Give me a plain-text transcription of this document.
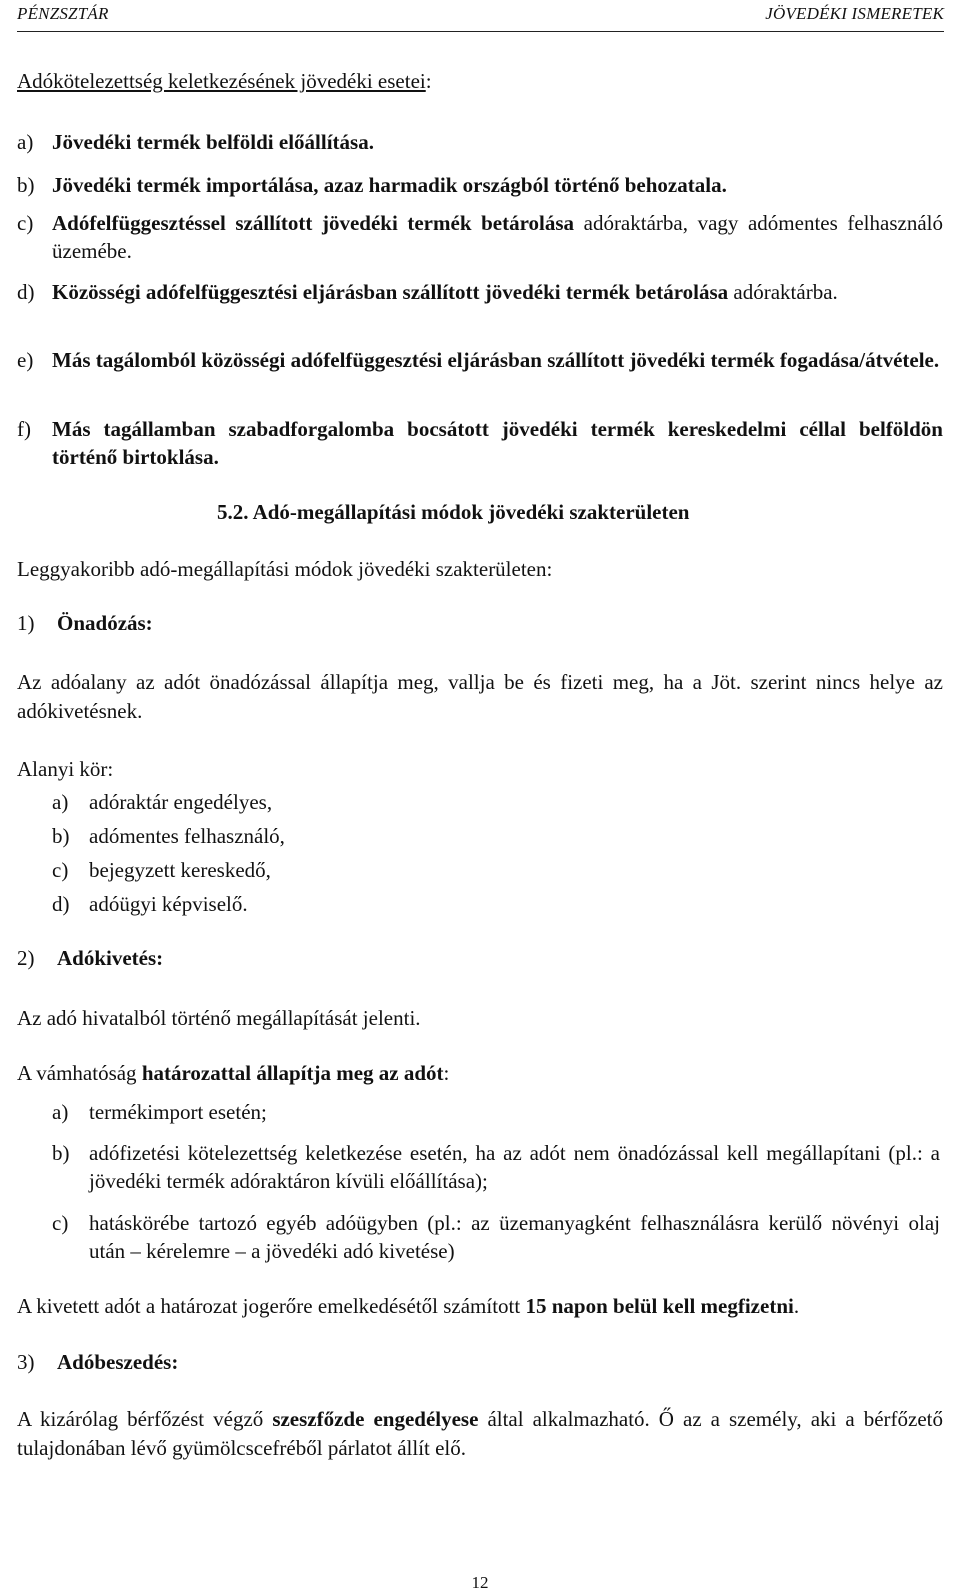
PÉNZSZTÁR	JÖVEDÉKI ISMERETEK

Adókötelezettség keletkezésének jövedéki esetei:

a) Jövedéki termék belföldi előállítása.
b) Jövedéki termék importálása, azaz harmadik országból történő behozatala.
c) Adófelfüggesztéssel szállított jövedéki termék betárolása adóraktárba, vagy adómentes felhasználó üzemébe.
d) Közösségi adófelfüggesztési eljárásban szállított jövedéki termék betárolása adóraktárba.
e) Más tagálomból közösségi adófelfüggesztési eljárásban szállított jövedéki termék fogadása/átvétele.
f) Más tagállamban szabadforgalomba bocsátott jövedéki termék kereskedelmi céllal belföldön történő birtoklása.
5.2. Adó-megállapítási módok jövedéki szakterületen

Leggyakoribb adó-megállapítási módok jövedéki szakterületen:

1) Önadózás:

Az adóalany az adót önadózással állapítja meg, vallja be és fizeti meg, ha a Jöt. szerint nincs helye az adókivetésnek.

Alanyi kör:

a) adóraktár engedélyes,
b) adómentes felhasználó,
c) bejegyzett kereskedő,
d) adóügyi képviselő.
2) Adókivetés:

Az adó hivatalból történő megállapítását jelenti.

A vámhatóság határozattal állapítja meg az adót:

a) termékimport esetén;
b) adófizetési kötelezettség keletkezése esetén, ha az adót nem önadózással kell megállapítani (pl.: a jövedéki termék adóraktáron kívüli előállítása);
c) hatáskörébe tartozó egyéb adóügyben (pl.: az üzemanyagként felhasználásra kerülő növényi olaj után – kérelemre – a jövedéki adó kivetése)

A kivetett adót a határozat jogerőre emelkedésétől számított 15 napon belül kell megfizetni.

3) Adóbeszedés:

A kizárólag bérfőzést végző szeszfőzde engedélyese által alkalmazható. Ő az a személy, aki a bérfőzető tulajdonában lévő gyümölcscefréből párlatot állít elő.

12
